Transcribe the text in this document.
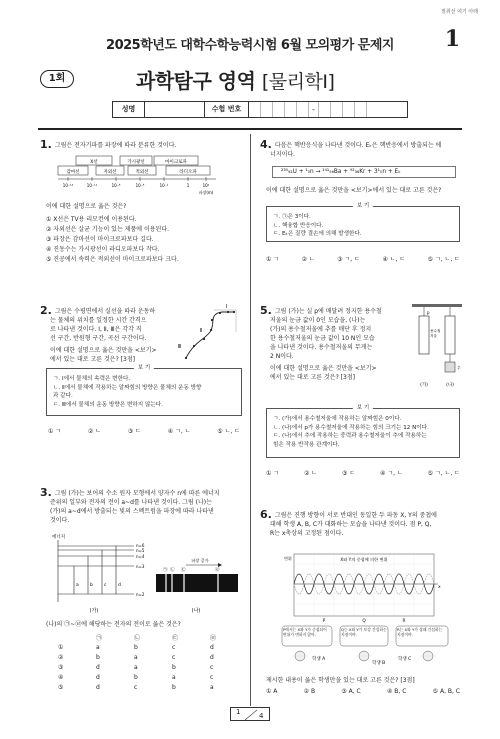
절취선 여기 아래
2025학년도 대학수학능력시험 6월 모의평가 문제지	1
1회	과학탐구 영역 [물리학Ⅰ]
성명	수험 번호	-
1. 그림은 전자기파를 파장에 따라 분류한 것이다.
X선	가시광선	마이크로파
감마선	자외선	적외선	라디오파
10⁻¹⁴	10⁻¹¹	10⁻⁸	10⁻⁵	10⁻²	1	10²
파장(m)
이에 대한 설명으로 옳은 것은?
① X선은 TV용 리모컨에 이용된다.
② 자외선은 살균 기능이 있는 제품에 이용된다.
③ 파장은 감마선이 마이크로파보다 길다.
④ 진동수는 가시광선이 라디오파보다 작다.
⑤ 진공에서 속력은 적외선이 마이크로파보다 크다.
2. 그림은 수평면에서 실선을 따라 운동하
는 물체의 위치를 일정한 시간 간격으
로 나타낸 것이다. Ⅰ, Ⅱ, Ⅲ은 각각 직
선 구간, 반원형 구간, 곡선 구간이다.
이에 대한 설명으로 옳은 것만을 <보기>
에서 있는 대로 고른 것은? [3점]
Ⅰ
Ⅱ
Ⅲ
보 기
ㄱ. Ⅰ에서 물체의 속력은 변한다.
ㄴ. Ⅱ에서 물체에 작용하는 알짜힘의 방향은 물체의 운동 방향
과 같다.
ㄷ. Ⅲ에서 물체의 운동 방향은 변하지 않는다.
① ㄱ	② ㄴ	③ ㄷ	④ ㄱ, ㄴ	⑤ ㄴ, ㄷ
3. 그림 (가)는 보어의 수소 원자 모형에서 양자수 n에 따른 에너지
준위의 일부와 전자의 전이 a~d를 나타낸 것이다. 그림 (나)는
(가)의 a~d에서 방출되는 빛의 스펙트럼을 파장에 따라 나타낸
것이다.
에너지
n=6
n=5
n=4
n=3
n=2
a b c	d
(가)
㉠ ㉡ ㉢	㉣
파장 증가
(나)
(나)의 ㉠~㉣에 해당하는 전자의 전이로 옳은 것은?
	㉠	㉡	㉢	㉣
①	a	b	c	d
②	b	a	c	d
③	d	a	b	c
④	d	b	a	c
⑤	d	c	b	a
4. 다음은 핵반응식을 나타낸 것이다. Eₖ은 핵반응에서 방출되는 에
너지이다.
²³⁵₉₂U + ¹₀n → ¹⁴¹₅₆Ba + ⁹²₃₆Kr + 3¹₀n + Eₖ
이에 대한 설명으로 옳은 것만을 <보기>에서 있는 대로 고른 것은?
보 기
ㄱ. ㉠은 3이다.
ㄴ. 핵융합 반응이다.
ㄷ. Eₖ은 질량 결손에 의해 발생한다.
① ㄱ	② ㄴ	③ ㄱ, ㄷ	④ ㄴ, ㄷ	⑤ ㄱ, ㄴ, ㄷ
5. 그림 (가)는 실 p에 매달려 정지한 용수철
저울의 눈금 값이 0인 모습을, (나)는
(가)의 용수철저울에 추를 매단 후 정지
한 용수철저울의 눈금 값이 10 N인 모습
을 나타낸 것이다. 용수철저울의 무게는
2 N이다.
이에 대한 설명으로 옳은 것만을 <보기>
에서 있는 대로 고른 것은? [3점]
p
용수철
저울
추
(가)	(나)
보 기
ㄱ. (가)에서 용수철저울에 작용하는 알짜힘은 0이다.
ㄴ. (나)에서 p가 용수철저울에 작용하는 힘의 크기는 12 N이다.
ㄷ. (나)에서 추에 작용하는 중력과 용수철저울이 추에 작용하는
힘은 작용 반작용 관계이다.
① ㄱ	② ㄴ	③ ㄷ	④ ㄱ, ㄴ	⑤ ㄱ, ㄴ, ㄷ
6. 그림은 진행 방향이 서로 반대인 동일한 두 파동 X, Y의 중첩에
대해 학생 A, B, C가 대화하는 모습을 나타낸 것이다. 점 P, Q,
R는 x축상의 고정된 점이다.
X와 Y의 중첩에 의한 변위
변위
x
P	Q	R
P에서는 X와 Y가 중첩되어 변위가 변하지 않아.
Q는 X와 Y가 보강 간섭하는 지점이야.
R는 X와 Y가 상쇄 간섭하는 지점이야.
학생 A
학생 B
학생 C
제시한 내용이 옳은 학생만을 있는 대로 고른 것은? [3점]
① A	② B	③ A, C	④ B, C	⑤ A, B, C
1	4
